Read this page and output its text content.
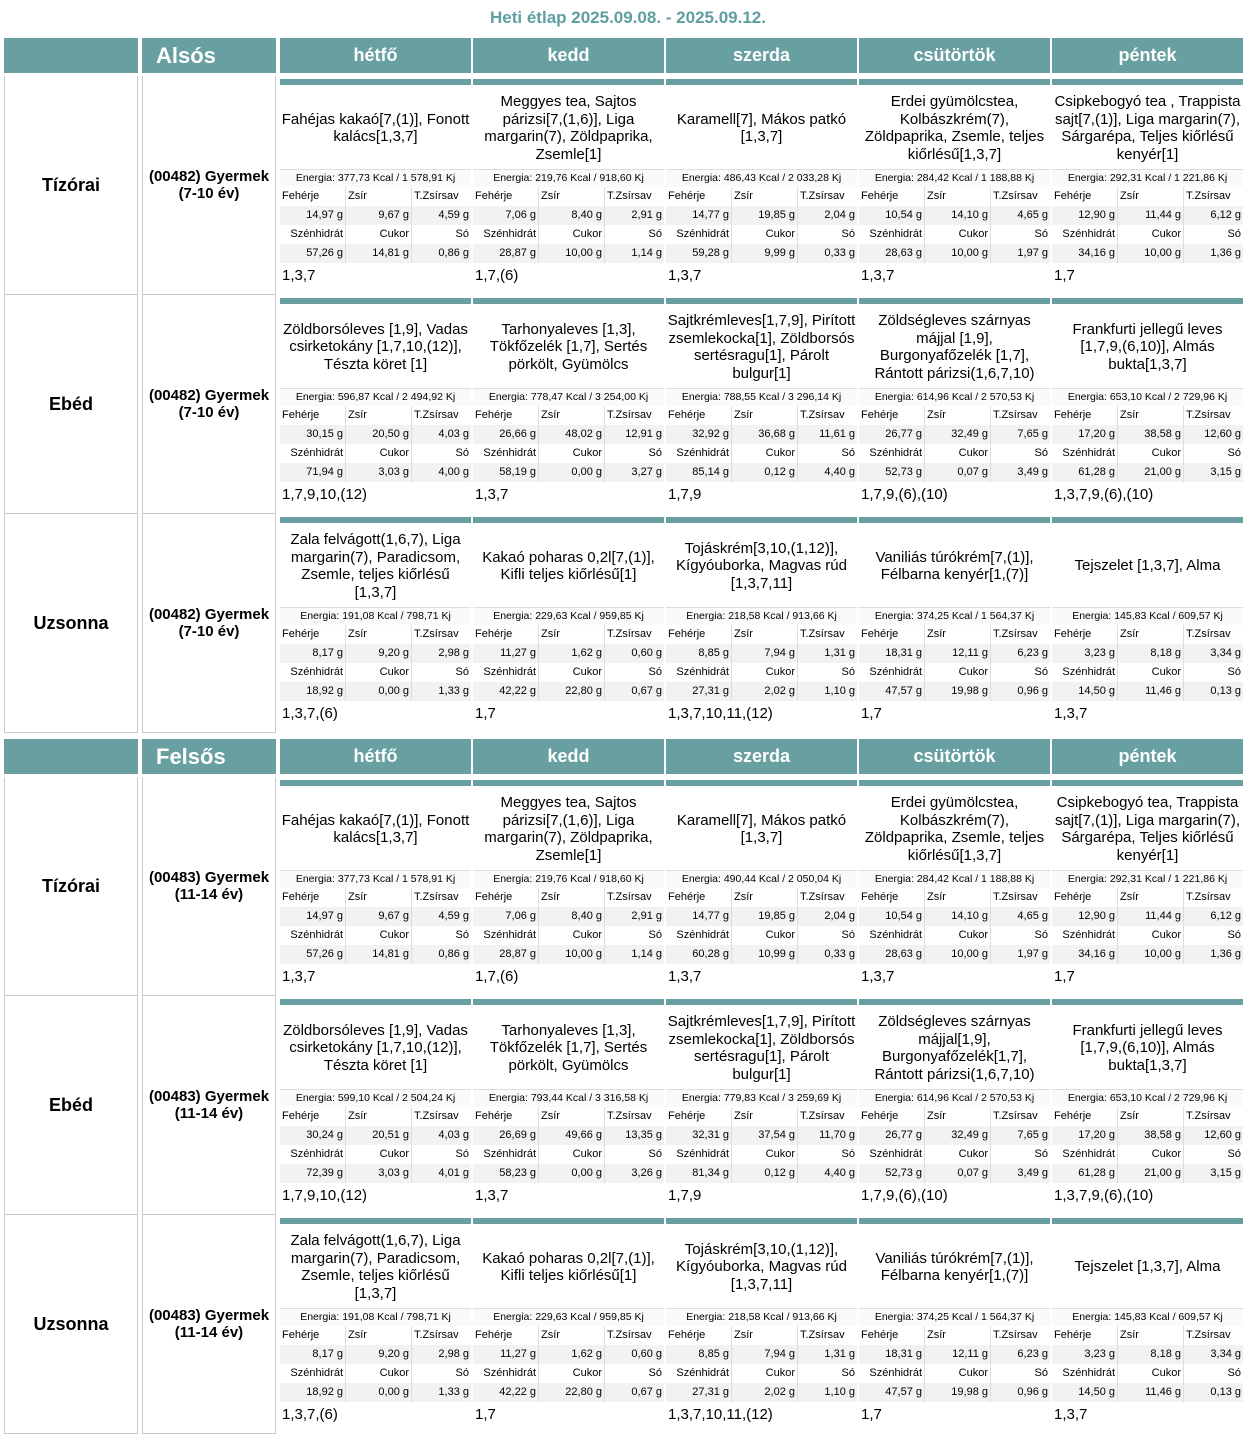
Heti étlap 2025.09.08. - 2025.09.12.
Alsós	hétfő	kedd	szerda	csütörtök	péntek
Tízórai	(00482) Gyermek (7-10 év)
Fahéjas kakaó[7,(1)], Fonott kalács[1,3,7]
Energia: 377,73 Kcal / 1 578,91 Kj
Fehérje	Zsír	T.Zsírsav
14,97 g	9,67 g	4,59 g
Szénhidrát	Cukor	Só
57,26 g	14,81 g	0,86 g
1,3,7
Meggyes tea, Sajtos párizsi[7,(1,6)], Liga margarin(7), Zöldpaprika, Zsemle[1]
Energia: 219,76 Kcal / 918,60 Kj
Fehérje	Zsír	T.Zsírsav
7,06 g	8,40 g	2,91 g
Szénhidrát	Cukor	Só
28,87 g	10,00 g	1,14 g
1,7,(6)
Karamell[7], Mákos patkó [1,3,7]
Energia: 486,43 Kcal / 2 033,28 Kj
Fehérje	Zsír	T.Zsírsav
14,77 g	19,85 g	2,04 g
Szénhidrát	Cukor	Só
59,28 g	9,99 g	0,33 g
1,3,7
Erdei gyümölcstea, Kolbászkrém(7), Zöldpaprika, Zsemle, teljes kiőrlésű[1,3,7]
Energia: 284,42 Kcal / 1 188,88 Kj
Fehérje	Zsír	T.Zsírsav
10,54 g	14,10 g	4,65 g
Szénhidrát	Cukor	Só
28,63 g	10,00 g	1,97 g
1,3,7
Csipkebogyó tea , Trappista sajt[7,(1)], Liga margarin(7), Sárgarépa, Teljes kiőrlésű kenyér[1]
Energia: 292,31 Kcal / 1 221,86 Kj
Fehérje	Zsír	T.Zsírsav
12,90 g	11,44 g	6,12 g
Szénhidrát	Cukor	Só
34,16 g	10,00 g	1,36 g
1,7
Ebéd	(00482) Gyermek (7-10 év)
Zöldborsóleves [1,9], Vadas csirketokány [1,7,10,(12)], Tészta köret [1]
Energia: 596,87 Kcal / 2 494,92 Kj
Fehérje	Zsír	T.Zsírsav
30,15 g	20,50 g	4,03 g
Szénhidrát	Cukor	Só
71,94 g	3,03 g	4,00 g
1,7,9,10,(12)
Tarhonyaleves [1,3], Tökfőzelék [1,7], Sertés pörkölt, Gyümölcs
Energia: 778,47 Kcal / 3 254,00 Kj
Fehérje	Zsír	T.Zsírsav
26,66 g	48,02 g	12,91 g
Szénhidrát	Cukor	Só
58,19 g	0,00 g	3,27 g
1,3,7
Sajtkrémleves[1,7,9], Pirított zsemlekocka[1], Zöldborsós sertésragu[1], Párolt bulgur[1]
Energia: 788,55 Kcal / 3 296,14 Kj
Fehérje	Zsír	T.Zsírsav
32,92 g	36,68 g	11,61 g
Szénhidrát	Cukor	Só
85,14 g	0,12 g	4,40 g
1,7,9
Zöldségleves szárnyas májjal [1,9], Burgonyafőzelék [1,7], Rántott párizsi(1,6,7,10)
Energia: 614,96 Kcal / 2 570,53 Kj
Fehérje	Zsír	T.Zsírsav
26,77 g	32,49 g	7,65 g
Szénhidrát	Cukor	Só
52,73 g	0,07 g	3,49 g
1,7,9,(6),(10)
Frankfurti jellegű leves [1,7,9,(6,10)], Almás bukta[1,3,7]
Energia: 653,10 Kcal / 2 729,96 Kj
Fehérje	Zsír	T.Zsírsav
17,20 g	38,58 g	12,60 g
Szénhidrát	Cukor	Só
61,28 g	21,00 g	3,15 g
1,3,7,9,(6),(10)
Uzsonna	(00482) Gyermek (7-10 év)
Zala felvágott(1,6,7), Liga margarin(7), Paradicsom, Zsemle, teljes kiőrlésű [1,3,7]
Energia: 191,08 Kcal / 798,71 Kj
Fehérje	Zsír	T.Zsírsav
8,17 g	9,20 g	2,98 g
Szénhidrát	Cukor	Só
18,92 g	0,00 g	1,33 g
1,3,7,(6)
Kakaó poharas 0,2l[7,(1)], Kifli teljes kiőrlésű[1]
Energia: 229,63 Kcal / 959,85 Kj
Fehérje	Zsír	T.Zsírsav
11,27 g	1,62 g	0,60 g
Szénhidrát	Cukor	Só
42,22 g	22,80 g	0,67 g
1,7
Tojáskrém[3,10,(1,12)], Kígyóuborka, Magvas rúd [1,3,7,11]
Energia: 218,58 Kcal / 913,66 Kj
Fehérje	Zsír	T.Zsírsav
8,85 g	7,94 g	1,31 g
Szénhidrát	Cukor	Só
27,31 g	2,02 g	1,10 g
1,3,7,10,11,(12)
Vaniliás túrókrém[7,(1)], Félbarna kenyér[1,(7)]
Energia: 374,25 Kcal / 1 564,37 Kj
Fehérje	Zsír	T.Zsírsav
18,31 g	12,11 g	6,23 g
Szénhidrát	Cukor	Só
47,57 g	19,98 g	0,96 g
1,7
Tejszelet [1,3,7], Alma
Energia: 145,83 Kcal / 609,57 Kj
Fehérje	Zsír	T.Zsírsav
3,23 g	8,18 g	3,34 g
Szénhidrát	Cukor	Só
14,50 g	11,46 g	0,13 g
1,3,7
Felsős	hétfő	kedd	szerda	csütörtök	péntek
Tízórai	(00483) Gyermek (11-14 év)
Fahéjas kakaó[7,(1)], Fonott kalács[1,3,7]
Energia: 377,73 Kcal / 1 578,91 Kj
Fehérje	Zsír	T.Zsírsav
14,97 g	9,67 g	4,59 g
Szénhidrát	Cukor	Só
57,26 g	14,81 g	0,86 g
1,3,7
Meggyes tea, Sajtos párizsi[7,(1,6)], Liga margarin(7), Zöldpaprika, Zsemle[1]
Energia: 219,76 Kcal / 918,60 Kj
Fehérje	Zsír	T.Zsírsav
7,06 g	8,40 g	2,91 g
Szénhidrát	Cukor	Só
28,87 g	10,00 g	1,14 g
1,7,(6)
Karamell[7], Mákos patkó [1,3,7]
Energia: 490,44 Kcal / 2 050,04 Kj
Fehérje	Zsír	T.Zsírsav
14,77 g	19,85 g	2,04 g
Szénhidrát	Cukor	Só
60,28 g	10,99 g	0,33 g
1,3,7
Erdei gyümölcstea, Kolbászkrém(7), Zöldpaprika, Zsemle, teljes kiőrlésű[1,3,7]
Energia: 284,42 Kcal / 1 188,88 Kj
Fehérje	Zsír	T.Zsírsav
10,54 g	14,10 g	4,65 g
Szénhidrát	Cukor	Só
28,63 g	10,00 g	1,97 g
1,3,7
Csipkebogyó tea, Trappista sajt[7,(1)], Liga margarin(7), Sárgarépa, Teljes kiőrlésű kenyér[1]
Energia: 292,31 Kcal / 1 221,86 Kj
Fehérje	Zsír	T.Zsírsav
12,90 g	11,44 g	6,12 g
Szénhidrát	Cukor	Só
34,16 g	10,00 g	1,36 g
1,7
Ebéd	(00483) Gyermek (11-14 év)
Zöldborsóleves [1,9], Vadas csirketokány [1,7,10,(12)], Tészta köret [1]
Energia: 599,10 Kcal / 2 504,24 Kj
Fehérje	Zsír	T.Zsírsav
30,24 g	20,51 g	4,03 g
Szénhidrát	Cukor	Só
72,39 g	3,03 g	4,01 g
1,7,9,10,(12)
Tarhonyaleves [1,3], Tökfőzelék [1,7], Sertés pörkölt, Gyümölcs
Energia: 793,44 Kcal / 3 316,58 Kj
Fehérje	Zsír	T.Zsírsav
26,69 g	49,66 g	13,35 g
Szénhidrát	Cukor	Só
58,23 g	0,00 g	3,26 g
1,3,7
Sajtkrémleves[1,7,9], Pirított zsemlekocka[1], Zöldborsós sertésragu[1], Párolt bulgur[1]
Energia: 779,83 Kcal / 3 259,69 Kj
Fehérje	Zsír	T.Zsírsav
32,31 g	37,54 g	11,70 g
Szénhidrát	Cukor	Só
81,34 g	0,12 g	4,40 g
1,7,9
Zöldségleves szárnyas májjal[1,9], Burgonyafőzelék[1,7], Rántott párizsi(1,6,7,10)
Energia: 614,96 Kcal / 2 570,53 Kj
Fehérje	Zsír	T.Zsírsav
26,77 g	32,49 g	7,65 g
Szénhidrát	Cukor	Só
52,73 g	0,07 g	3,49 g
1,7,9,(6),(10)
Frankfurti jellegű leves [1,7,9,(6,10)], Almás bukta[1,3,7]
Energia: 653,10 Kcal / 2 729,96 Kj
Fehérje	Zsír	T.Zsírsav
17,20 g	38,58 g	12,60 g
Szénhidrát	Cukor	Só
61,28 g	21,00 g	3,15 g
1,3,7,9,(6),(10)
Uzsonna	(00483) Gyermek (11-14 év)
Zala felvágott(1,6,7), Liga margarin(7), Paradicsom, Zsemle, teljes kiőrlésű [1,3,7]
Energia: 191,08 Kcal / 798,71 Kj
Fehérje	Zsír	T.Zsírsav
8,17 g	9,20 g	2,98 g
Szénhidrát	Cukor	Só
18,92 g	0,00 g	1,33 g
1,3,7,(6)
Kakaó poharas 0,2l[7,(1)], Kifli teljes kiőrlésű[1]
Energia: 229,63 Kcal / 959,85 Kj
Fehérje	Zsír	T.Zsírsav
11,27 g	1,62 g	0,60 g
Szénhidrát	Cukor	Só
42,22 g	22,80 g	0,67 g
1,7
Tojáskrém[3,10,(1,12)], Kígyóuborka, Magvas rúd [1,3,7,11]
Energia: 218,58 Kcal / 913,66 Kj
Fehérje	Zsír	T.Zsírsav
8,85 g	7,94 g	1,31 g
Szénhidrát	Cukor	Só
27,31 g	2,02 g	1,10 g
1,3,7,10,11,(12)
Vaniliás túrókrém[7,(1)], Félbarna kenyér[1,(7)]
Energia: 374,25 Kcal / 1 564,37 Kj
Fehérje	Zsír	T.Zsírsav
18,31 g	12,11 g	6,23 g
Szénhidrát	Cukor	Só
47,57 g	19,98 g	0,96 g
1,7
Tejszelet [1,3,7], Alma
Energia: 145,83 Kcal / 609,57 Kj
Fehérje	Zsír	T.Zsírsav
3,23 g	8,18 g	3,34 g
Szénhidrát	Cukor	Só
14,50 g	11,46 g	0,13 g
1,3,7
